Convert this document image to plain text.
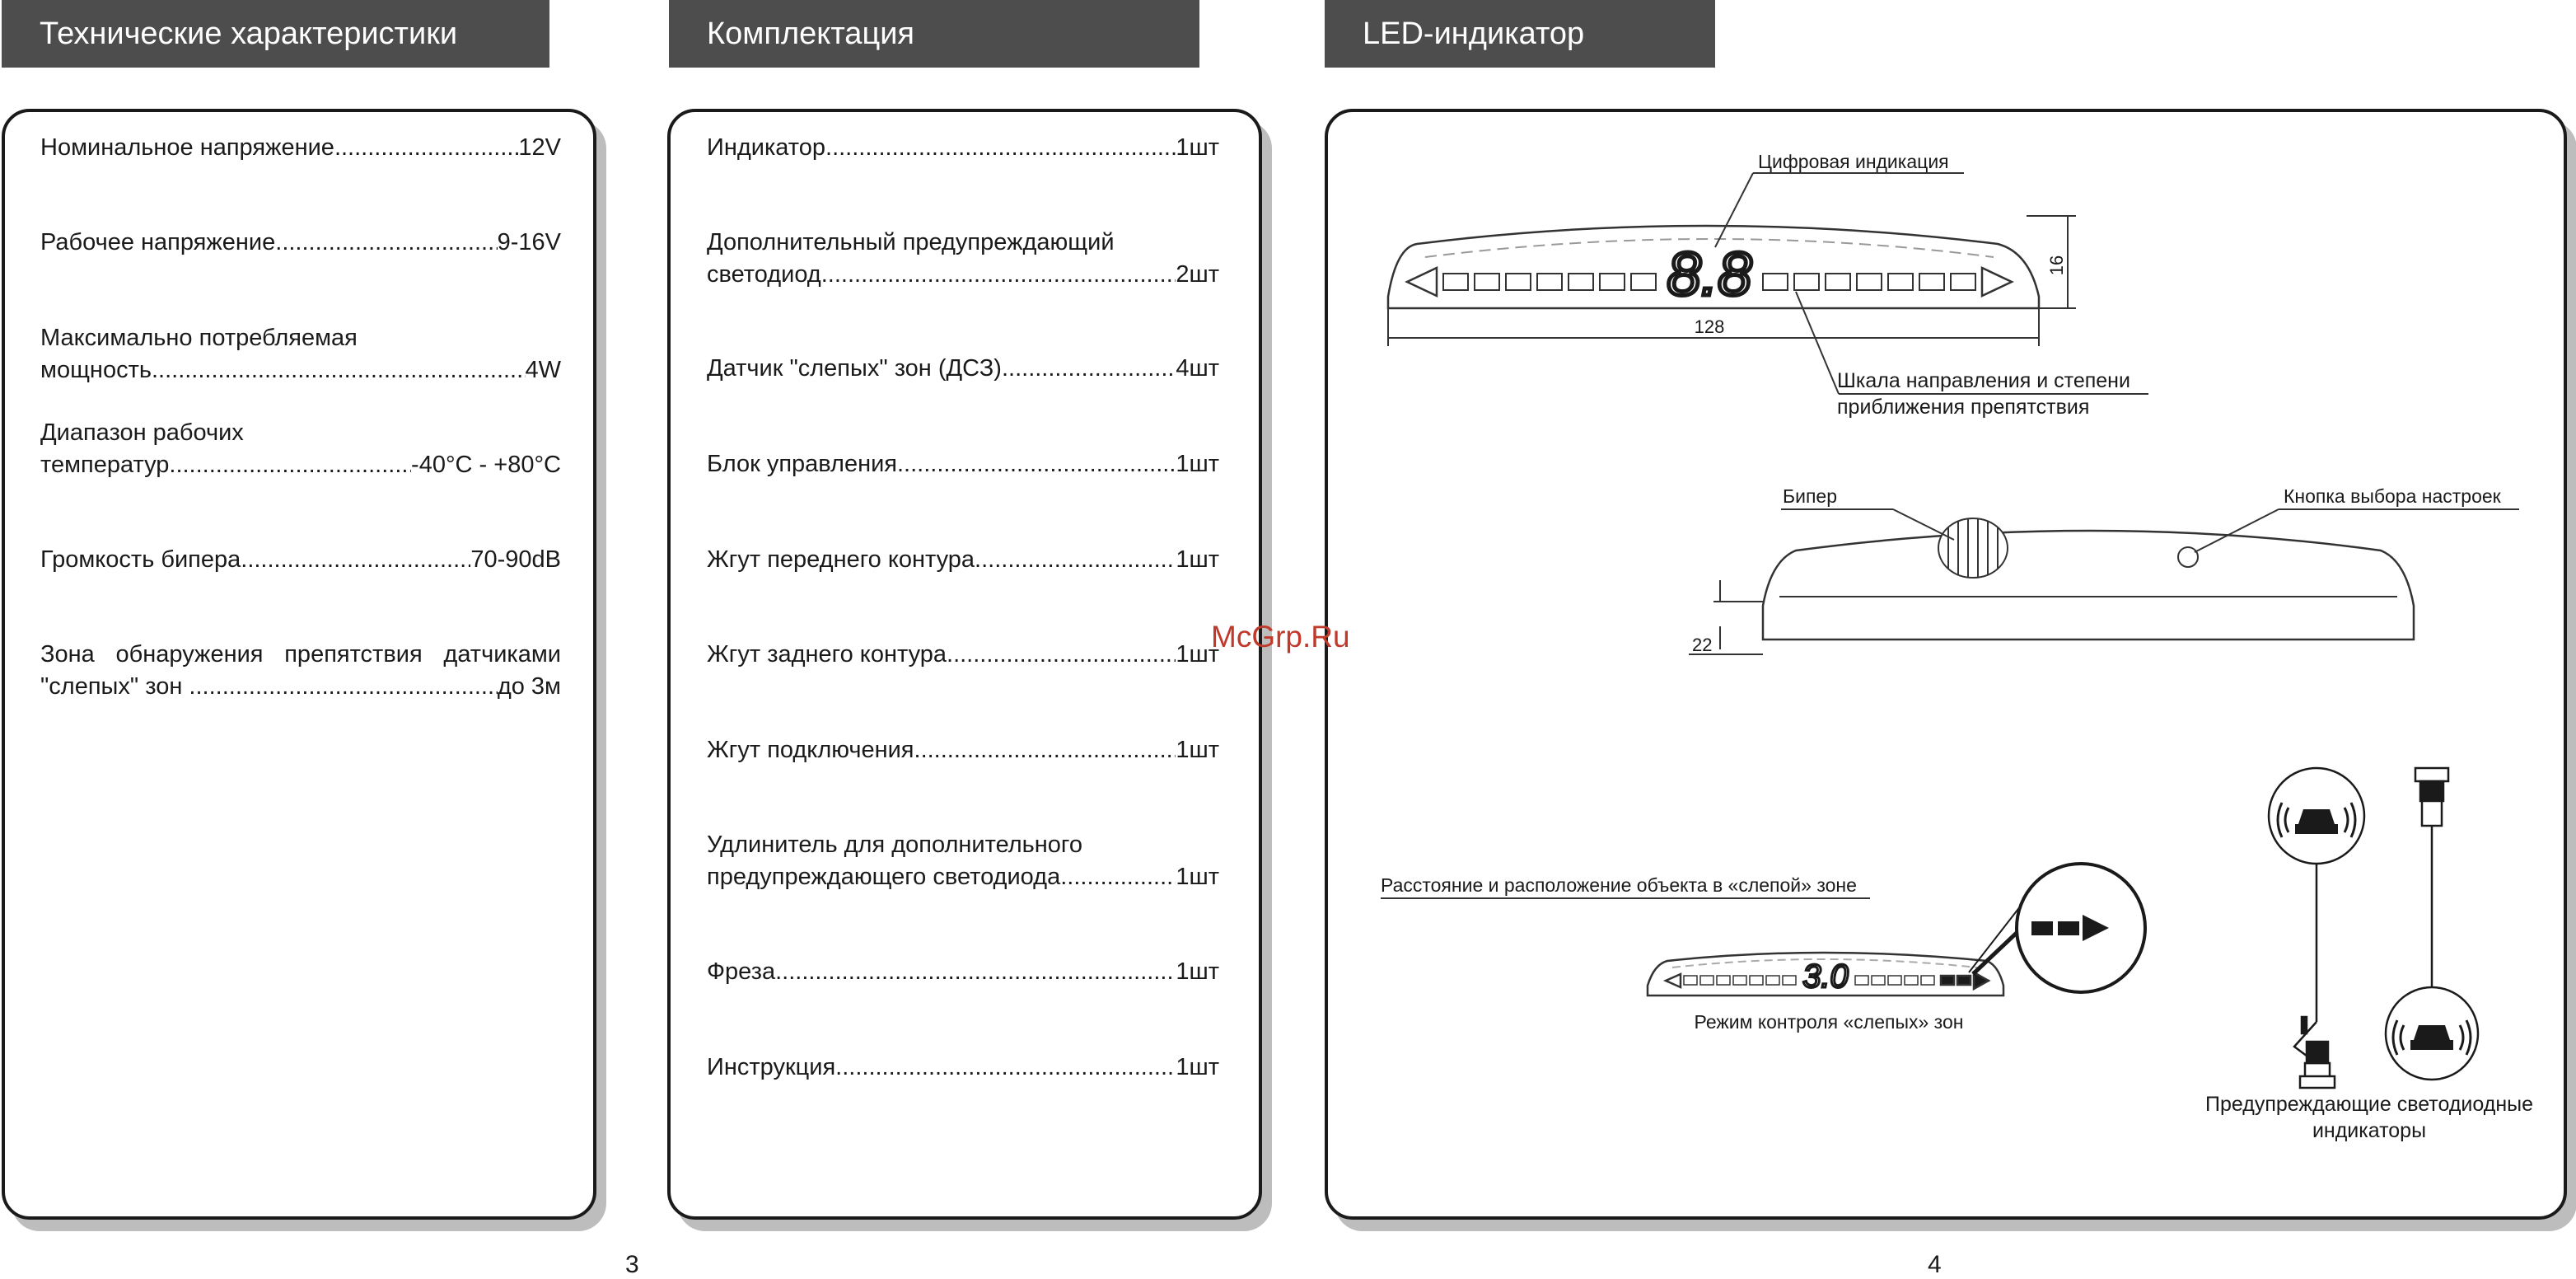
Технические характеристики	Комплектация	LED-индикатор
Номинальное напряжение .....	12V
Рабочее напряжение .....	9-16V
Максимально потребляемая
мощность .....	4W
Диапазон рабочих
температур .....	-40°C - +80°C
Громкость бипера .....	70-90dB
Зона обнаружения препятствия датчиками
"слепых" зон .....	до 3м
Индикатор .....	1шт
Дополнительный предупреждающий
светодиод .....	2шт
Датчик "слепых" зон (ДСЗ) .....	4шт
Блок управления .....	1шт
Жгут переднего контура .....	1шт
Жгут заднего контура .....	1шт
Жгут подключения .....	1шт
Удлинитель для дополнительного
предупреждающего светодиода .....	1шт
Фреза .....	1шт
Инструкция .....	1шт
8.8
Цифровая индикация
16
128
Шкала направления и степени
приближения препятствия
Бипер	Кнопка выбора настроек
22
3.0
Расстояние и расположение объекта в «слепой» зоне
Режим контроля «слепых» зон
Предупреждающие светодиодные
индикаторы
McGrp.Ru
3	4
